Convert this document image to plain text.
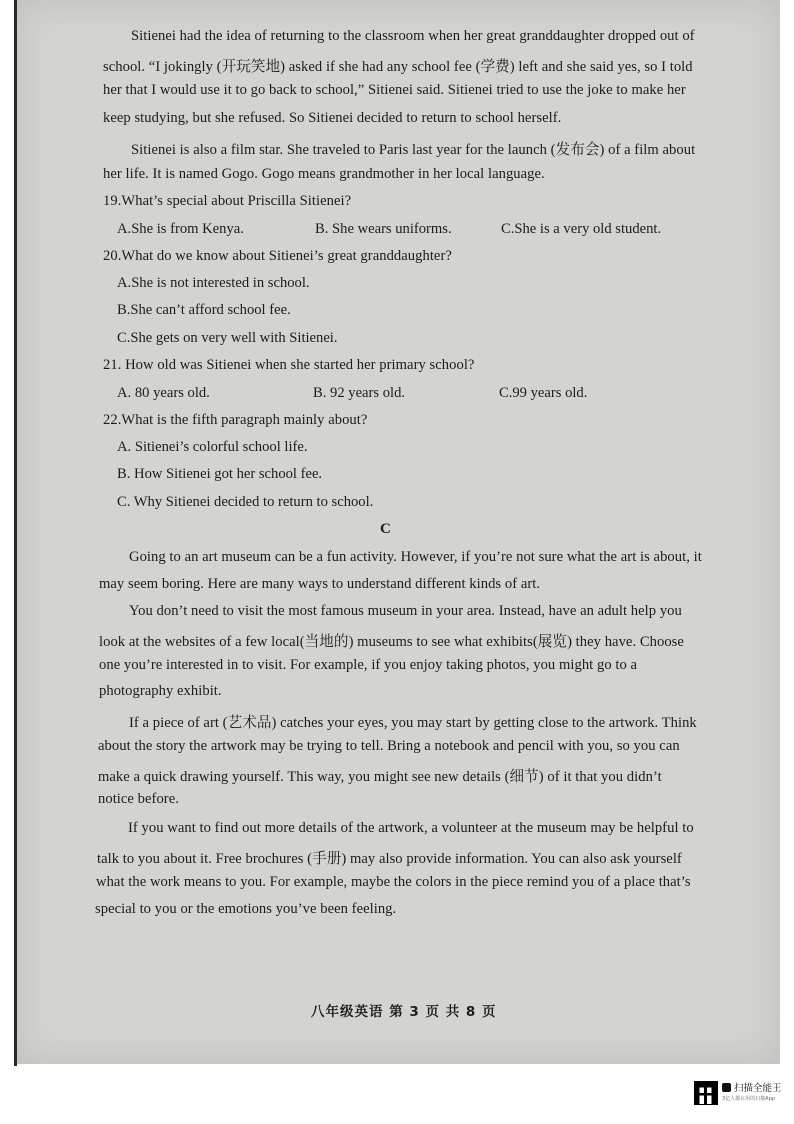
Sitienei had the idea of returning to the classroom when her great granddaughter dropped out of
school. “I jokingly (开玩笑地) asked if she had any school fee (学费) left and she said yes, so I told
her that I would use it to go back to school,” Sitienei said. Sitienei tried to use the joke to make her
keep studying, but she refused. So Sitienei decided to return to school herself.
Sitienei is also a film star. She traveled to Paris last year for the launch (发布会) of a film about
her life. It is named Gogo. Gogo means grandmother in her local language.
19.What’s special about Priscilla Sitienei?
A.She is from Kenya.	B. She wears uniforms.	C.She is a very old student.
20.What do we know about Sitienei’s great granddaughter?
A.She is not interested in school.
B.She can’t afford school fee.
C.She gets on very well with Sitienei.
21. How old was Sitienei when she started her primary school?
A. 80 years old.	B. 92 years old.	C.99 years old.
22.What is the fifth paragraph mainly about?
A. Sitienei’s colorful school life.
B. How Sitienei got her school fee.
C. Why Sitienei decided to return to school.
C
Going to an art museum can be a fun activity. However, if you’re not sure what the art is about, it
may seem boring. Here are many ways to understand different kinds of art.
You don’t need to visit the most famous museum in your area. Instead, have an adult help you
look at the websites of a few local(当地的) museums to see what exhibits(展览) they have. Choose
one you’re interested in to visit. For example, if you enjoy taking photos, you might go to a
photography exhibit.
If a piece of art (艺术品) catches your eyes, you may start by getting close to the artwork. Think
about the story the artwork may be trying to tell. Bring a notebook and pencil with you, so you can
make a quick drawing yourself. This way, you might see new details (细节) of it that you didn’t
notice before.
If you want to find out more details of the artwork, a volunteer at the museum may be helpful to
talk to you about it. Free brochures (手册) may also provide information. You can also ask yourself
what the work means to you. For example, maybe the colors in the piece remind you of a place that’s
special to you or the emotions you’ve been feeling.
八年级英语 第 3 页 共 8 页
扫描全能王
3亿人都在用的扫描App
